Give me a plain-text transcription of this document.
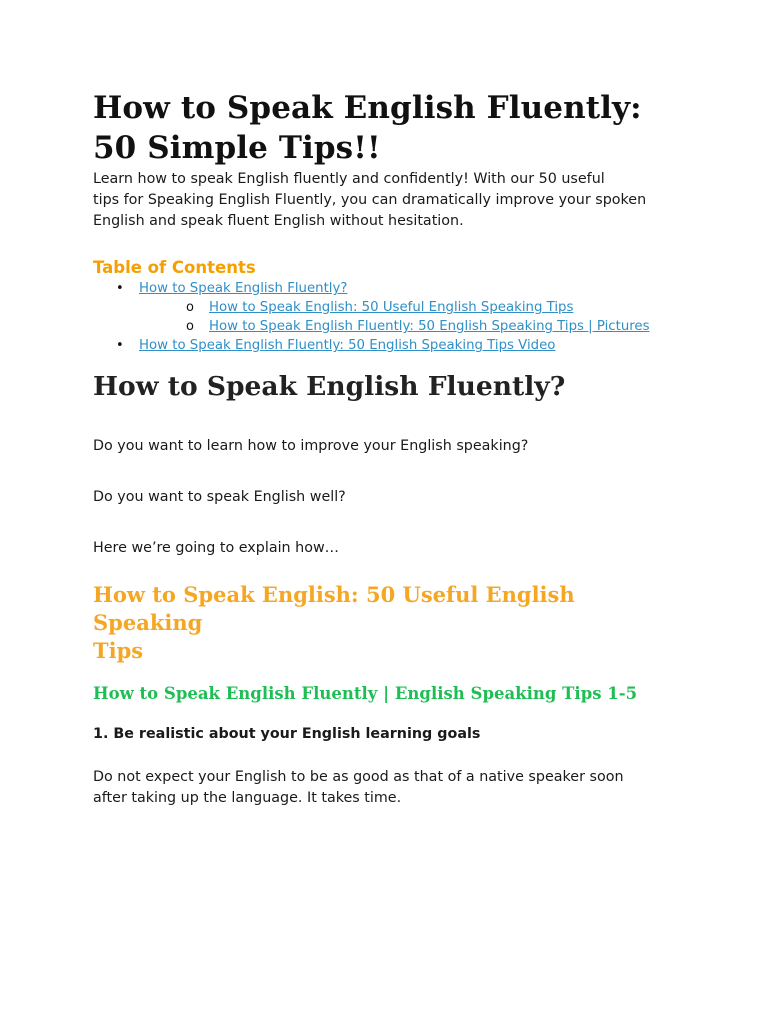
How to Speak English Fluently: 50 Simple Tips!!
Learn how to speak English fluently and confidently! With our 50 useful
tips for Speaking English Fluently, you can dramatically improve your spoken
English and speak fluent English without hesitation.
Table of Contents
• How to Speak English Fluently?
o How to Speak English: 50 Useful English Speaking Tips
o How to Speak English Fluently: 50 English Speaking Tips | Pictures
• How to Speak English Fluently: 50 English Speaking Tips Video
How to Speak English Fluently?

Do you want to learn how to improve your English speaking?

Do you want to speak English well?

Here we’re going to explain how…

How to Speak English: 50 Useful English Speaking
Tips
How to Speak English Fluently | English Speaking Tips 1-5
1. Be realistic about your English learning goals

Do not expect your English to be as good as that of a native speaker soon
after taking up the language. It takes time.
